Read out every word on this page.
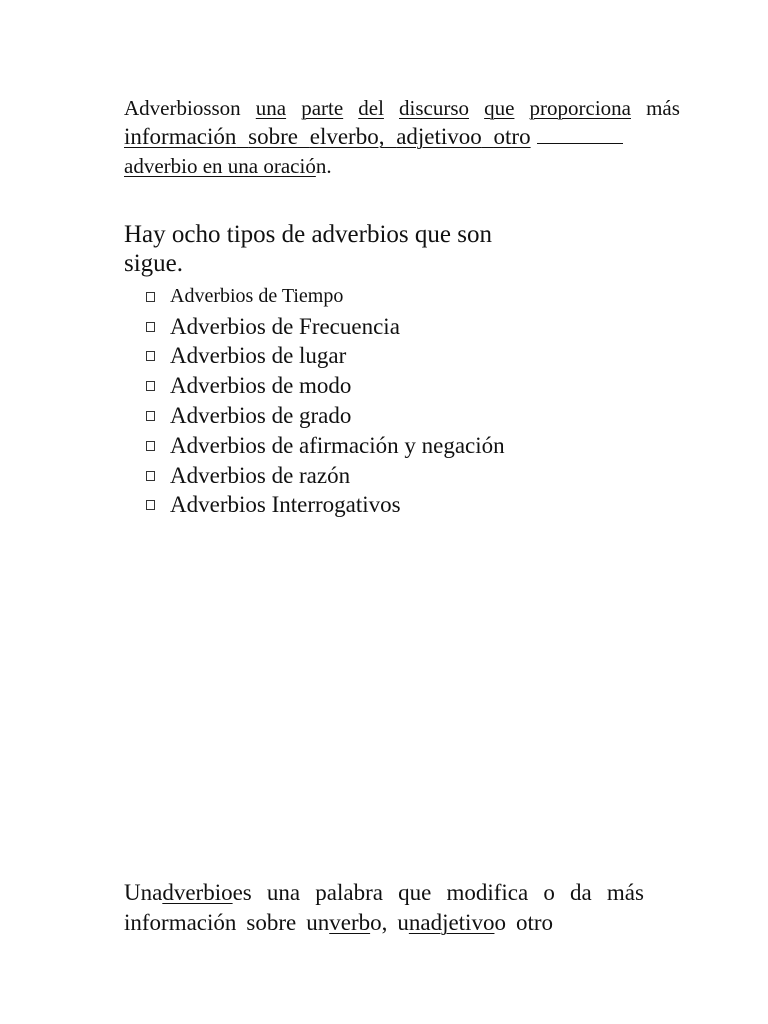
Adverbiosson una parte del discurso que proporciona más
información sobre elverbo, adjetivoo otro
adverbio en una oración.

Hay ocho tipos de adverbios que son
sigue.

Adverbios de Tiempo
Adverbios de Frecuencia
Adverbios de lugar
Adverbios de modo
Adverbios de grado
Adverbios de afirmación y negación
Adverbios de razón
Adverbios Interrogativos

Unadverbioes una palabra que modifica o da más
información sobre unverbo, unadjetivoo otro
